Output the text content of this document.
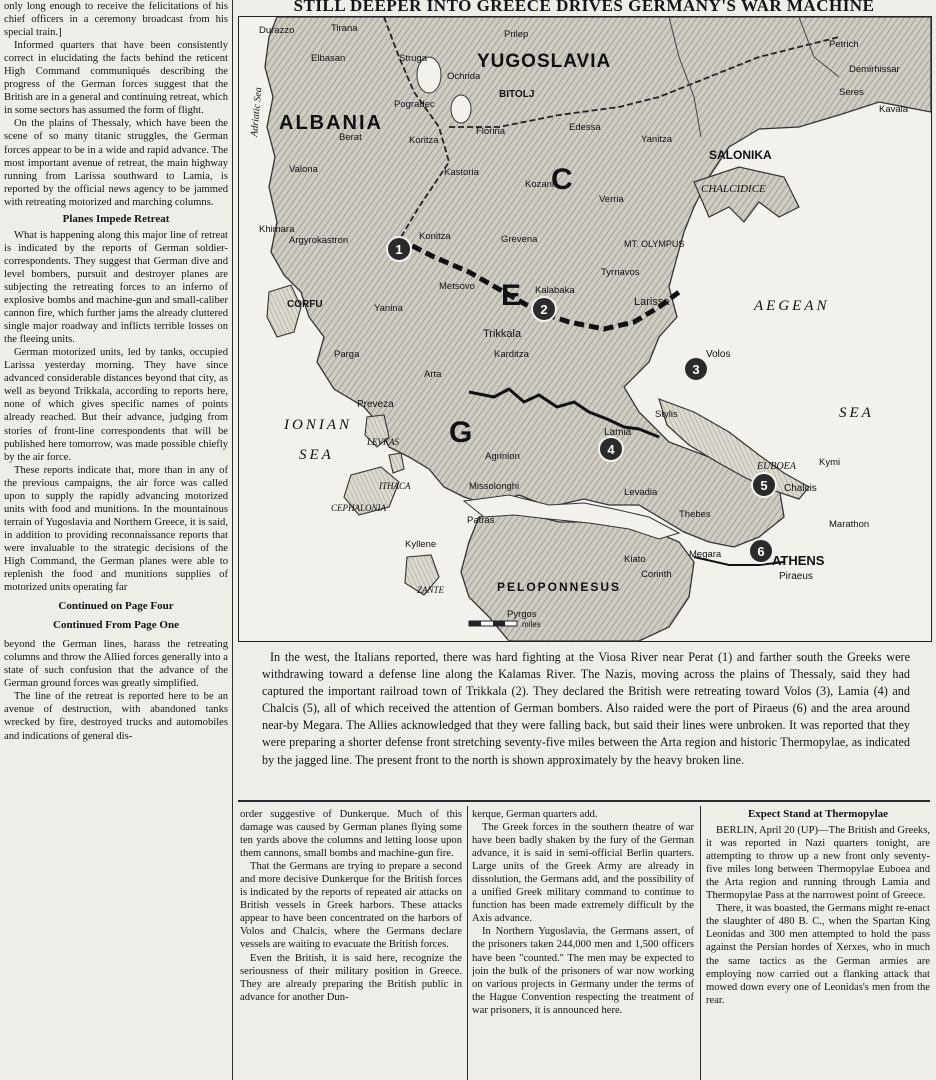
only long enough to receive the felicitations of his chief officers in a ceremony broadcast from his special train.]

Informed quarters that have been consistently correct in elucidating the facts behind the reticent High Command communiqués describing the progress of the German forces suggest that the British are in a general and continuing retreat, which in some sectors has assumed the form of flight.

On the plains of Thessaly, which have been the scene of so many titanic struggles, the German forces appear to be in a wide and rapid advance. The most important avenue of retreat, the main highway running from Larissa southward to Lamia, is reported by the official news agency to be jammed with retreating motorized and marching columns.

Planes Impede Retreat

What is happening along this major line of retreat is indicated by the reports of German soldier-correspondents. They suggest that German dive and level bombers, pursuit and destroyer planes are subjecting the retreating forces to an inferno of explosive bombs and machine-gun and small-caliber cannon fire, which further jams the already cluttered single major roadway and inflicts terrible losses on the fleeing units.

German motorized units, led by tanks, occupied Larissa yesterday morning. They have since advanced considerable distances beyond that city, as well as beyond Trikkala, according to reports here, none of which gives specific names of points already reached. But their advance, judging from stories of front-line correspondents that will be published here tomorrow, was made possible chiefly by the air force.

These reports indicate that, more than in any of the previous campaigns, the air force was called upon to supply the rapidly advancing motorized units with food and munitions. In the mountainous terrain of Yugoslavia and Northern Greece, it is said, in addition to providing reconnaissance reports that were invaluable to the strategic decisions of the High Command, the German planes were able to replenish the food and munitions supplies of motorized units operating far

Continued on Page Four

Continued From Page One

beyond the German lines, harass the retreating columns and throw the Allied forces generally into a state of such confusion that the advance of the German ground forces was greatly simplified.

The line of the retreat is reported here to be an avenue of destruction, with abandoned tanks wrecked by fire, destroyed trucks and automobiles and indications of general dis-

STILL DEEPER INTO GREECE DRIVES GERMANY'S WAR MACHINE
1
2
3
4
5
6
ALBANIA
YUGOSLAVIA
G
E
C
SALONIKA
CHALCIDICE
AEGEAN
SEA
IONIAN
SEA
Adriatic Sea
ATHENS
Piraeus
PELOPONNESUS
MT. OLYMPUS
Durazzo	Tirana
Elbasan	Struga
Prilep
Ochrida
BITOLJ
Petrich
Demirhissar
Seres
Kavala
Pogradec
Valona
Berat	Koritza
Florina	Edessa
Yanitza
Kastoria
Kozani
Verria
Khimara
Argyrokastron	Konitza	Grevena
CORFU	Yanina
Metsovo	Kalabaka
Tyrnavos
Larissa
Trikkala
Karditza
Parga
Arta
Volos
Preveza
Lamia
Stylis
LEVKAS
Agrinion
Missolonghi
Levadia	Chalcis
EUBOEA Kymi
Thebes
Marathon
CEPHALONIA
ITHACA
Patras
Megara
Corinth
Kiato
ZANTE
Pyrgos
Kyllene
miles

In the west, the Italians reported, there was hard fighting at the Viosa River near Perat (1) and farther south the Greeks were withdrawing toward a defense line along the Kalamas River. The Nazis, moving across the plains of Thessaly, said they had captured the important railroad town of Trikkala (2). They declared the British were retreating toward Volos (3), Lamia (4) and Chalcis (5), all of which received the attention of German bombers. Also raided were the port of Piraeus (6) and the area around near-by Megara. The Allies acknowledged that they were falling back, but said their lines were unbroken. It was reported that they were preparing a shorter defense front stretching seventy-five miles between the Arta region and historic Thermopylae, as indicated by the jagged line. The present front to the north is shown approximately by the heavy broken line.

order suggestive of Dunkerque. Much of this damage was caused by German planes flying some ten yards above the columns and letting loose upon them cannons, small bombs and machine-gun fire.

That the Germans are trying to prepare a second and more decisive Dunkerque for the British forces is indicated by the reports of repeated air attacks on British vessels in Greek harbors. These attacks appear to have been concentrated on the harbors of Volos and Chalcis, where the Germans declare vessels are waiting to evacuate the British forces.

Even the British, it is said here, recognize the seriousness of their military position in Greece. They are already preparing the British public in advance for another Dun-

kerque, German quarters add.

The Greek forces in the southern theatre of war have been badly shaken by the fury of the German advance, it is said in semi-official Berlin quarters. Large units of the Greek Army are already in dissolution, the Germans add, and the possibility of a unified Greek military command to continue to function has been made extremely difficult by the Axis advance.

In Northern Yugoslavia, the Germans assert, of the prisoners taken 244,000 men and 1,500 officers have been "counted." The men may be expected to join the bulk of the prisoners of war now working on various projects in Germany under the terms of the Hague Convention respecting the treatment of war prisoners, it is announced here.

Expect Stand at Thermopylae

BERLIN, April 20 (UP)—The British and Greeks, it was reported in Nazi quarters tonight, are attempting to throw up a new front only seventy-five miles long between Thermopylae Euboea and the Arta region and running through Lamia and Thermopylae Pass at the narrowest point of Greece.

There, it was boasted, the Germans might re-enact the slaughter of 480 B. C., when the Spartan King Leonidas and 300 men attempted to hold the pass against the Persian hordes of Xerxes, who in much the same tactics as the German armies are employing now carried out a flanking attack that mowed down every one of Leonidas's men from the rear.
